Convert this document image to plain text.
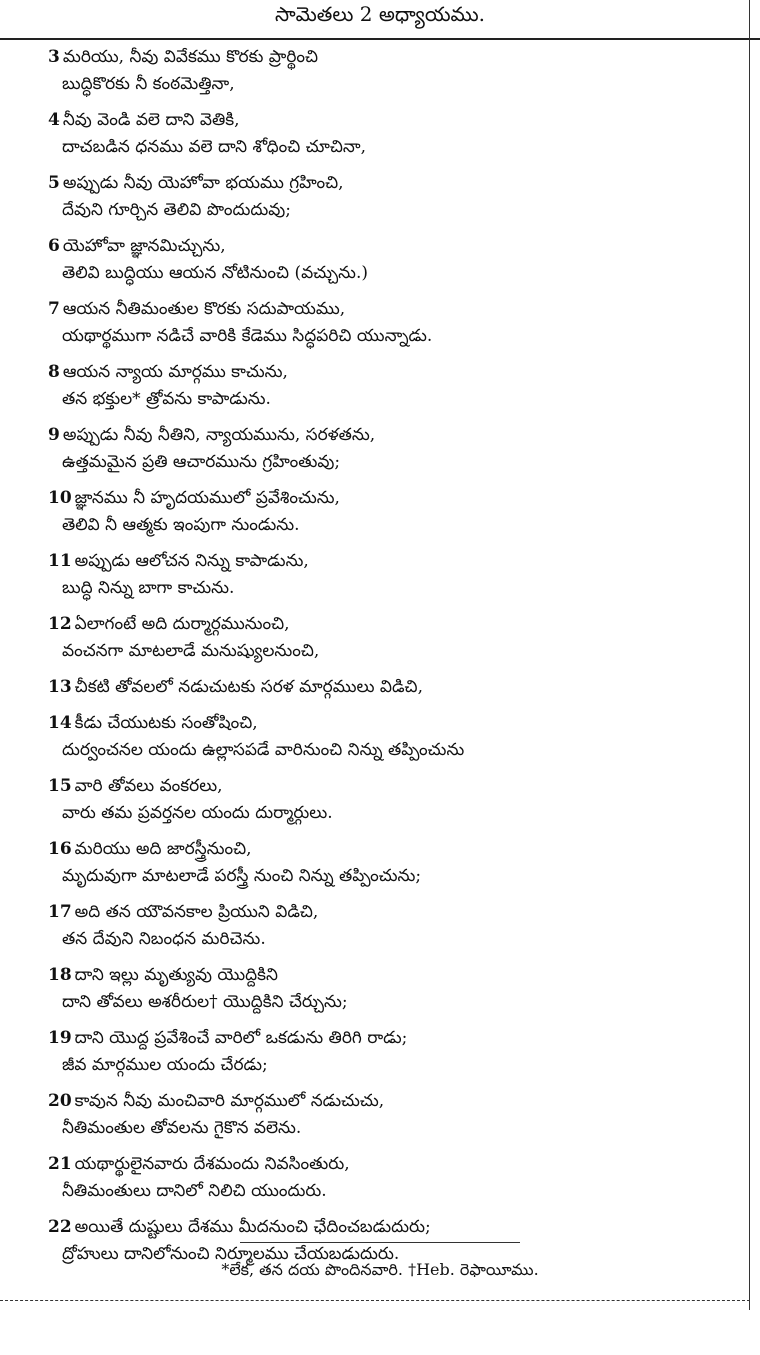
సామెతలు 2 అధ్యాయము.
3 మరియు, నీవు వివేకము కొరకు ప్రార్థించి
బుద్ధికొరకు నీ కంఠమెత్తినా,
4 నీవు వెండి వలె దాని వెతికి,
దాచబడిన ధనము వలె దాని శోధించి చూచినా,
5 అప్పుడు నీవు యెహోవా భయము గ్రహించి,
దేవుని గూర్చిన తెలివి పొందుదువు;
6 యెహోవా జ్ఞానమిచ్చును,
తెలివి బుద్ధియు ఆయన నోటినుంచి (వచ్చును.)
7 ఆయన నీతిమంతుల కొరకు సదుపాయము,
యథార్థముగా నడిచే వారికి కేడెము సిద్ధపరిచి యున్నాడు.
8 ఆయన న్యాయ మార్గము కాచును,
తన భక్తుల* త్రోవను కాపాడును.
9 అప్పుడు నీవు నీతిని, న్యాయమును, సరళతను,
ఉత్తమమైన ప్రతి ఆచారమును గ్రహింతువు;
10 జ్ఞానము నీ హృదయములో ప్రవేశించును,
తెలివి నీ ఆత్మకు ఇంపుగా నుండును.
11 అప్పుడు ఆలోచన నిన్ను కాపాడును,
బుద్ధి నిన్ను బాగా కాచును.
12 ఏలాగంటే అది దుర్మార్గమునుంచి,
వంచనగా మాటలాడే మనుష్యులనుంచి,
13 చీకటి తోవలలో నడుచుటకు సరళ మార్గములు విడిచి,
14 కీడు చేయుటకు సంతోషించి,
దుర్వంచనల యందు ఉల్లాసపడే వారినుంచి నిన్ను తప్పించును
15 వారి తోవలు వంకరలు,
వారు తమ ప్రవర్తనల యందు దుర్మార్గులు.
16 మరియు అది జారస్త్రీనుంచి,
మృదువుగా మాటలాడే పరస్త్రీ నుంచి నిన్ను తప్పించును;
17 అది తన యౌవనకాల ప్రియుని విడిచి,
తన దేవుని నిబంధన మరిచెను.
18 దాని ఇల్లు మృత్యువు యొద్దికిని
దాని తోవలు అశరీరుల† యొద్దికిని చేర్చును;
19 దాని యొద్ద ప్రవేశించే వారిలో ఒకడును తిరిగి రాడు;
జీవ మార్గముల యందు చేరడు;
20 కావున నీవు మంచివారి మార్గములో నడుచుచు,
నీతిమంతుల తోవలను గైకొన వలెను.
21 యథార్థులైనవారు దేశమందు నివసింతురు,
నీతిమంతులు దానిలో నిలిచి యుందురు.
22 అయితే దుష్టులు దేశము మీదనుంచి ఛేదించబడుదురు;
ద్రోహులు దానిలోనుంచి నిర్మూలము చేయబడుదురు.
*లేక, తన దయ పొందినవారి. †Heb. రెఫాయీము.
